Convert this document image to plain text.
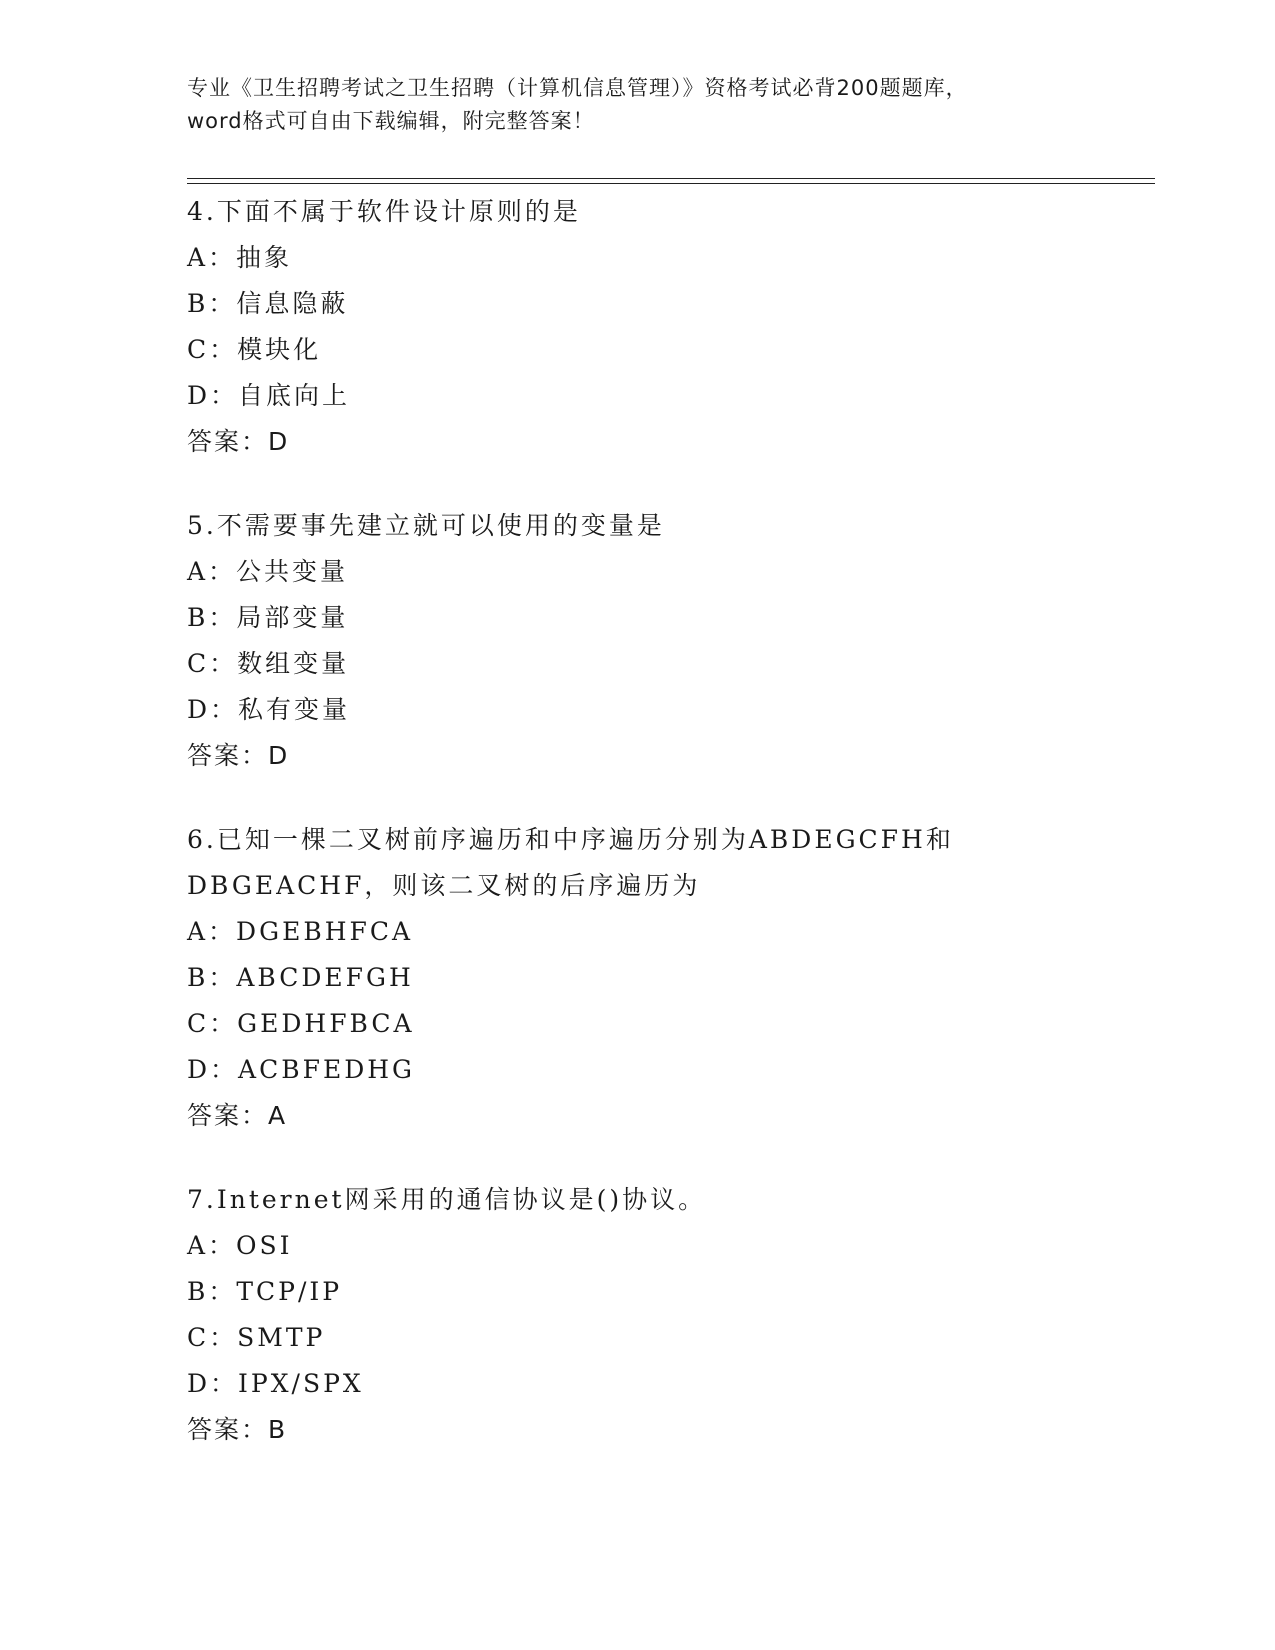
专业《卫生招聘考试之卫生招聘（计算机信息管理）》资格考试必背200题题库，
word格式可自由下载编辑，附完整答案！
4.下面不属于软件设计原则的是
A：抽象
B：信息隐蔽
C：模块化
D：自底向上
答案：D
5.不需要事先建立就可以使用的变量是
A：公共变量
B：局部变量
C：数组变量
D：私有变量
答案：D
6.已知一棵二叉树前序遍历和中序遍历分别为ABDEGCFH和DBGEACHF，则该二叉树的后序遍历为
A：DGEBHFCA
B：ABCDEFGH
C：GEDHFBCA
D：ACBFEDHG
答案：A
7.Internet网采用的通信协议是()协议。
A：OSI
B：TCP/IP
C：SMTP
D：IPX/SPX
答案：B
